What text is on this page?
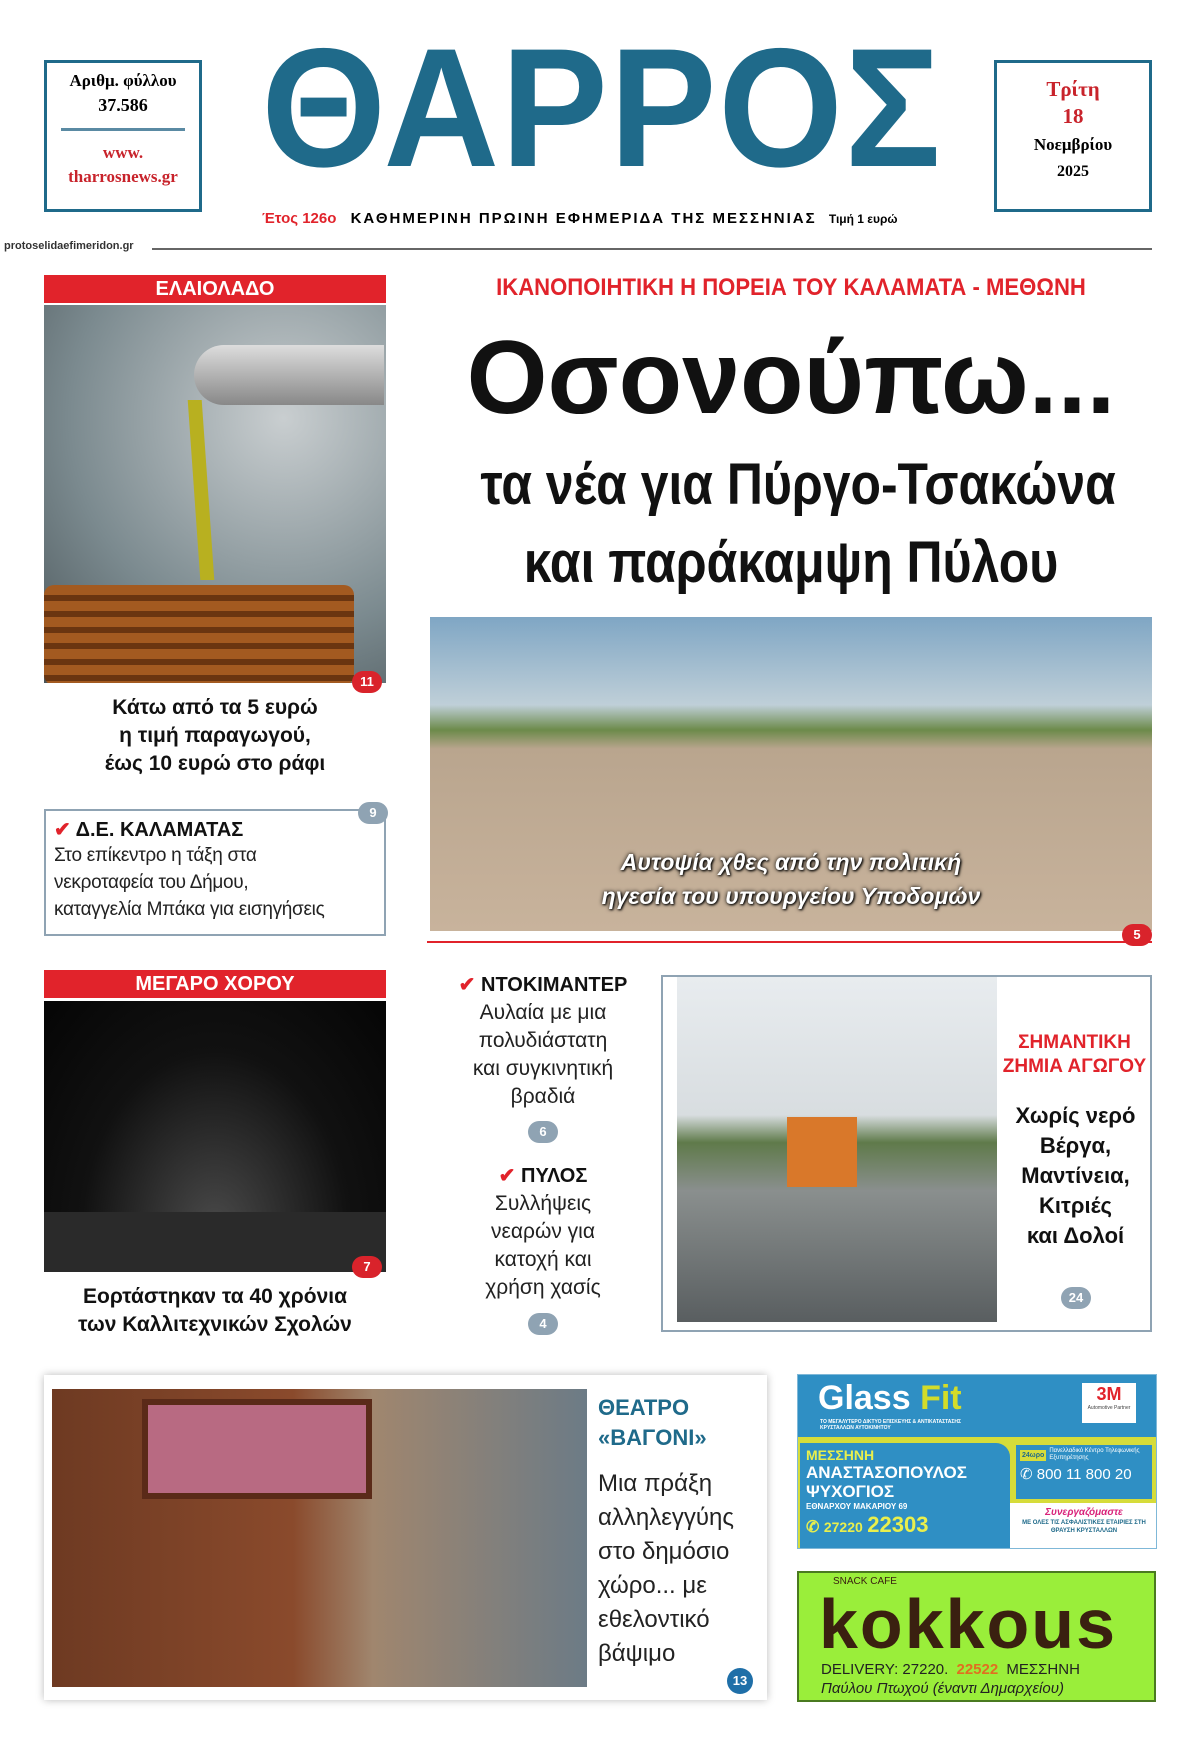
Αριθμ. φύλλου
37.586
www.
tharrosnews.gr ΘΑΡΡΟΣ	Τρίτη
18
Νοεμβρίου
2025
Έτος 126ο ΚΑΘΗΜΕΡΙΝΗ ΠΡΩΙΝΗ ΕΦΗΜΕΡΙΔΑ ΤΗΣ ΜΕΣΣΗΝΙΑΣ Τιμή 1 ευρώ
protoselidaefimeridon.gr
ΕΛΑΙΟΛΑΔΟ
11
Κάτω από τα 5 ευρώ
η τιμή παραγωγού,
έως 10 ευρώ στο ράφι
✔ Δ.Ε. ΚΑΛΑΜΑΤΑΣ
Στο επίκεντρο η τάξη στα
νεκροταφεία του Δήμου,
καταγγελία Μπάκα για εισηγήσεις
9
ΙΚΑΝΟΠΟΙΗΤΙΚΗ Η ΠΟΡΕΙΑ ΤΟΥ ΚΑΛΑΜΑΤΑ - ΜΕΘΩΝΗ
Οσονούπω...
τα νέα για Πύργο-Τσακώνα
και παράκαμψη Πύλου
Αυτοψία χθες από την πολιτική
ηγεσία του υπουργείου Υποδομών
5
ΜΕΓΑΡΟ ΧΟΡΟΥ
7
Εορτάστηκαν τα 40 χρόνια
των Καλλιτεχνικών Σχολών
✔ ΝΤΟΚΙΜΑΝΤΕΡ
Αυλαία με μια
πολυδιάστατη
και συγκινητική
βραδιά
6
✔ ΠΥΛΟΣ
Συλλήψεις
νεαρών για
κατοχή και
χρήση χασίς
4
ΣΗΜΑΝΤΙΚΗ
ΖΗΜΙΑ ΑΓΩΓΟΥ
Χωρίς νερό
Βέργα,
Μαντίνεια,
Κιτριές
και Δολοί
24
ΘΕΑΤΡΟ
«ΒΑΓΟΝΙ»
Μια πράξη
αλληλεγγύης
στο δημόσιο
χώρο... με
εθελοντικό
βάψιμο
13
Glass Fit
ΤΟ ΜΕΓΑΛΥΤΕΡΟ ΔΙΚΤΥΟ ΕΠΙΣΚΕΥΗΣ & ΑΝΤΙΚΑΤΑΣΤΑΣΗΣ ΚΡΥΣΤΑΛΛΩΝ ΑΥΤΟΚΙΝΗΤΟΥ
3M
Automotive Partner
ΜΕΣΣΗΝΗ
ΑΝΑΣΤΑΣΟΠΟΥΛΟΣ
ΨΥΧΟΓΙΟΣ
ΕΘΝΑΡΧΟΥ ΜΑΚΑΡΙΟΥ 69
✆ 27220 22303
24ωρο
Πανελλαδικό Κέντρο Τηλεφωνικής Εξυπηρέτησης
✆ 800 11 800 20
Συνεργαζόμαστε
ΜΕ ΟΛΕΣ ΤΙΣ ΑΣΦΑΛΙΣΤΙΚΕΣ ΕΤΑΙΡΙΕΣ ΣΤΗ ΘΡΑΥΣΗ ΚΡΥΣΤΑΛΛΩΝ
SNACK CAFE
kokkous
DELIVERY: 27220. 22522 ΜΕΣΣΗΝΗ
Παύλου Πτωχού (έναντι Δημαρχείου)
